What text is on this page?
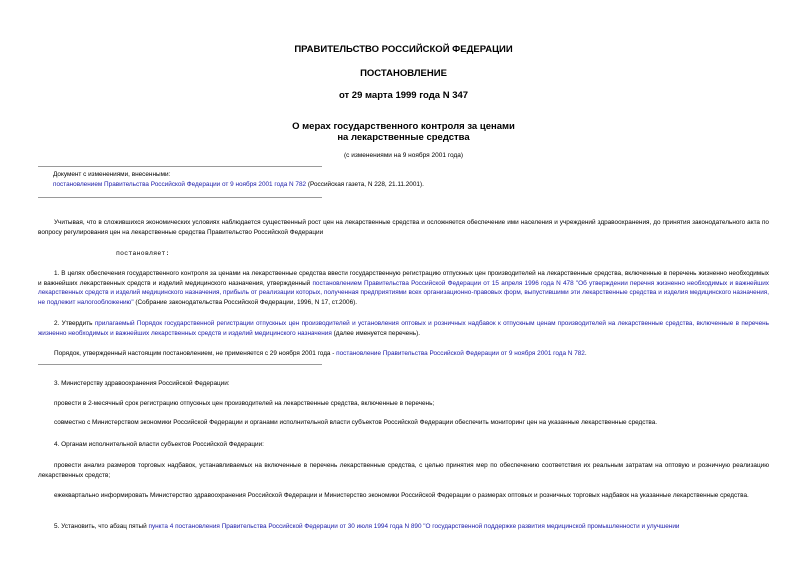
ПРАВИТЕЛЬСТВО РОССИЙСКОЙ ФЕДЕРАЦИИ
ПОСТАНОВЛЕНИЕ
от 29 марта 1999 года N 347
О мерах государственного контроля за ценами
на лекарственные средства
(с изменениями на 9 ноября 2001 года)
Документ с изменениями, внесенными:
постановлением Правительства Российской Федерации от 9 ноября 2001 года N 782 (Российская газета, N 228, 21.11.2001).
Учитывая, что в сложившихся экономических условиях наблюдается существенный рост цен на лекарственные средства и осложняется обеспечение ими населения и учреждений здравоохранения, до принятия законодательного акта по вопросу регулирования цен на лекарственные средства Правительство Российской Федерации
постановляет:
1. В целях обеспечения государственного контроля за ценами на лекарственные средства ввести государственную регистрацию отпускных цен производителей на лекарственные средства, включенные в перечень жизненно необходимых и важнейших лекарственных средств и изделий медицинского назначения, утвержденный постановлением Правительства Российской Федерации от 15 апреля 1996 года N 478 "Об утверждении перечня жизненно необходимых и важнейших лекарственных средств и изделий медицинского назначения, прибыль от реализации которых, полученная предприятиями всех организационно-правовых форм, выпустившими эти лекарственные средства и изделия медицинского назначения, не подлежит налогообложению" (Собрание законодательства Российской Федерации, 1996, N 17, ст.2006).
2. Утвердить прилагаемый Порядок государственной регистрации отпускных цен производителей и установления оптовых и розничных надбавок к отпускным ценам производителей на лекарственные средства, включенные в перечень жизненно необходимых и важнейших лекарственных средств и изделий медицинского назначения (далее именуется перечень).
Порядок, утвержденный настоящим постановлением, не применяется с 29 ноября 2001 года - постановление Правительства Российской Федерации от 9 ноября 2001 года N 782.
3. Министерству здравоохранения Российской Федерации:
провести в 2-месячный срок регистрацию отпускных цен производителей на лекарственные средства, включенные в перечень;
совместно с Министерством экономики Российской Федерации и органами исполнительной власти субъектов Российской Федерации обеспечить мониторинг цен на указанные лекарственные средства.
4. Органам исполнительной власти субъектов Российской Федерации:
провести анализ размеров торговых надбавок, устанавливаемых на включенные в перечень лекарственные средства, с целью принятия мер по обеспечению соответствия их реальным затратам на оптовую и розничную реализацию лекарственных средств;
ежеквартально информировать Министерство здравоохранения Российской Федерации и Министерство экономики Российской Федерации о размерах оптовых и розничных торговых надбавок на указанные лекарственные средства.
5. Установить, что абзац пятый пункта 4 постановления Правительства Российской Федерации от 30 июля 1994 года N 890 "О государственной поддержке развития медицинской промышленности и улучшении
